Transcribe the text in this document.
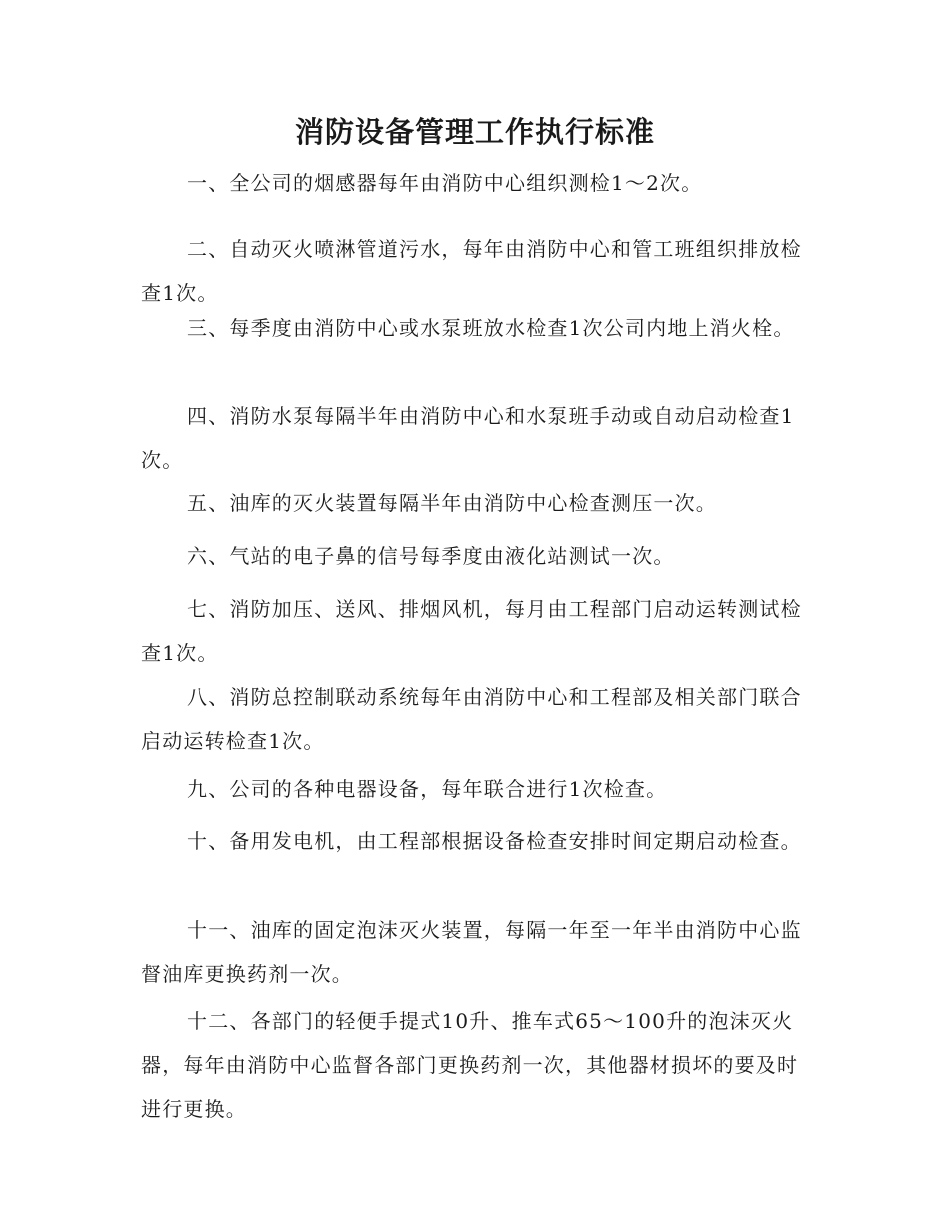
消防设备管理工作执行标准

一、全公司的烟感器每年由消防中心组织测检1～2次。

二、自动灭火喷淋管道污水，每年由消防中心和管工班组织排放检查1次。

三、每季度由消防中心或水泵班放水检查1次公司内地上消火栓。

四、消防水泵每隔半年由消防中心和水泵班手动或自动启动检查1次。

五、油库的灭火装置每隔半年由消防中心检查测压一次。

六、气站的电子鼻的信号每季度由液化站测试一次。

七、消防加压、送风、排烟风机，每月由工程部门启动运转测试检查1次。

八、消防总控制联动系统每年由消防中心和工程部及相关部门联合启动运转检查1次。

九、公司的各种电器设备，每年联合进行1次检查。

十、备用发电机，由工程部根据设备检查安排时间定期启动检查。

十一、油库的固定泡沫灭火装置，每隔一年至一年半由消防中心监督油库更换药剂一次。

十二、各部门的轻便手提式10升、推车式65～100升的泡沫灭火器，每年由消防中心监督各部门更换药剂一次，其他器材损坏的要及时进行更换。
